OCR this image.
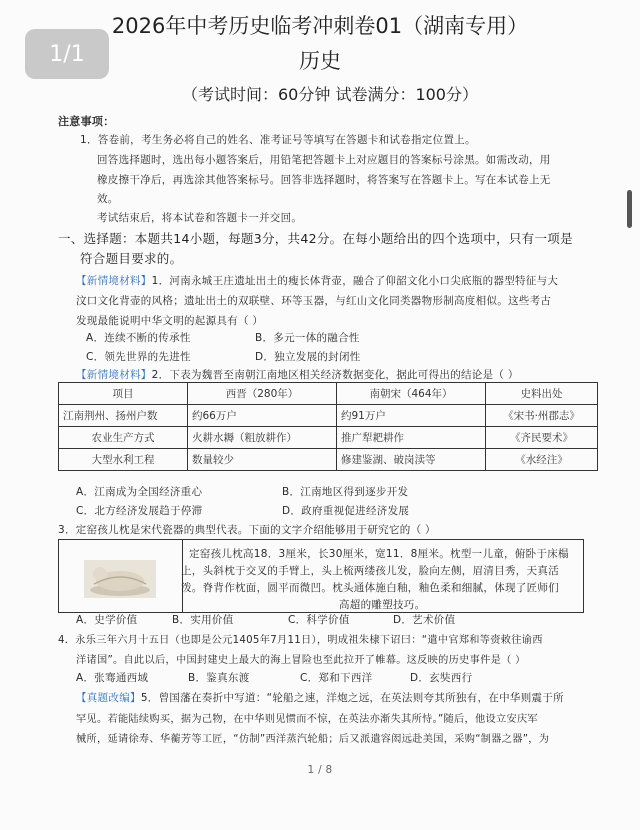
1/1
2026年中考历史临考冲刺卷01（湖南专用）
历史
（考试时间：60分钟 试卷满分：100分）
注意事项：
1．答卷前，考生务必将自己的姓名、准考证号等填写在答题卡和试卷指定位置上。
回答选择题时，选出每小题答案后，用铅笔把答题卡上对应题目的答案标号涂黑。如需改动，用
橡皮擦干净后，再选涂其他答案标号。回答非选择题时，将答案写在答题卡上。写在本试卷上无
效。
考试结束后，将本试卷和答题卡一并交回。
一、选择题：本题共14小题，每题3分，共42分。在每小题给出的四个选项中，只有一项是
符合题目要求的。
【新情境材料】1．河南永城王庄遗址出土的瘦长体背壶，融合了仰韶文化小口尖底瓶的器型特征与大
汶口文化背壶的风格；遗址出土的双联壁、环等玉器，与红山文化同类器物形制高度相似。这些考古
发现最能说明中华文明的起源具有（ ）
A．连续不断的传承性	B．多元一体的融合性
C．领先世界的先进性	D．独立发展的封闭性
【新情境材料】2．下表为魏晋至南朝江南地区相关经济数据变化，据此可得出的结论是（ ）
项目	西晋（280年）	南朝宋（464年）	史料出处
江南荆州、扬州户数	约66万户	约91万户	《宋书·州郡志》
农业生产方式	火耕水耨（粗放耕作）	推广犁耙耕作	《齐民要术》
大型水利工程	数量较少	修建鉴湖、破岗渎等	《水经注》
A．江南成为全国经济重心	B．江南地区得到逐步开发
C．北方经济发展趋于停滞	D．政府重视促进经济发展
3．定窑孩儿枕是宋代瓷器的典型代表。下面的文字介绍能够用于研究它的（ ）
定窑孩儿枕高18．3厘米，长30厘米，宽11．8厘米。枕型一儿童，俯卧于床榻
上，头斜枕于交叉的手臂上，头上梳两缕孩儿发，脸向左侧，眉清目秀，天真活
泼。脊背作枕面，圆平而微凹。枕头通体施白釉，釉色柔和细腻，体现了匠师们
高超的雕塑技巧。
A．史学价值	B．实用价值	C．科学价值	D．艺术价值
4．永乐三年六月十五日（也即是公元1405年7月11日），明成祖朱棣下诏曰：“遣中官郑和等赍敕往谕西
洋诸国”。自此以后，中国封建史上最大的海上冒险也至此拉开了帷幕。这反映的历史事件是（ ）
A．张骞通西域	B．鉴真东渡	C．郑和下西洋	D．玄奘西行
【真题改编】5．曾国藩在奏折中写道：“轮船之速，洋炮之远，在英法则夸其所独有，在中华则震于所
罕见。若能陆续购买，据为己物，在中华则见惯而不惊，在英法亦渐失其所恃。”随后，他设立安庆军
械所，延请徐寿、华蘅芳等工匠，“仿制”西洋蒸汽轮船；后又派遣容闳远赴美国，采购“制器之器”，为
1 / 8
